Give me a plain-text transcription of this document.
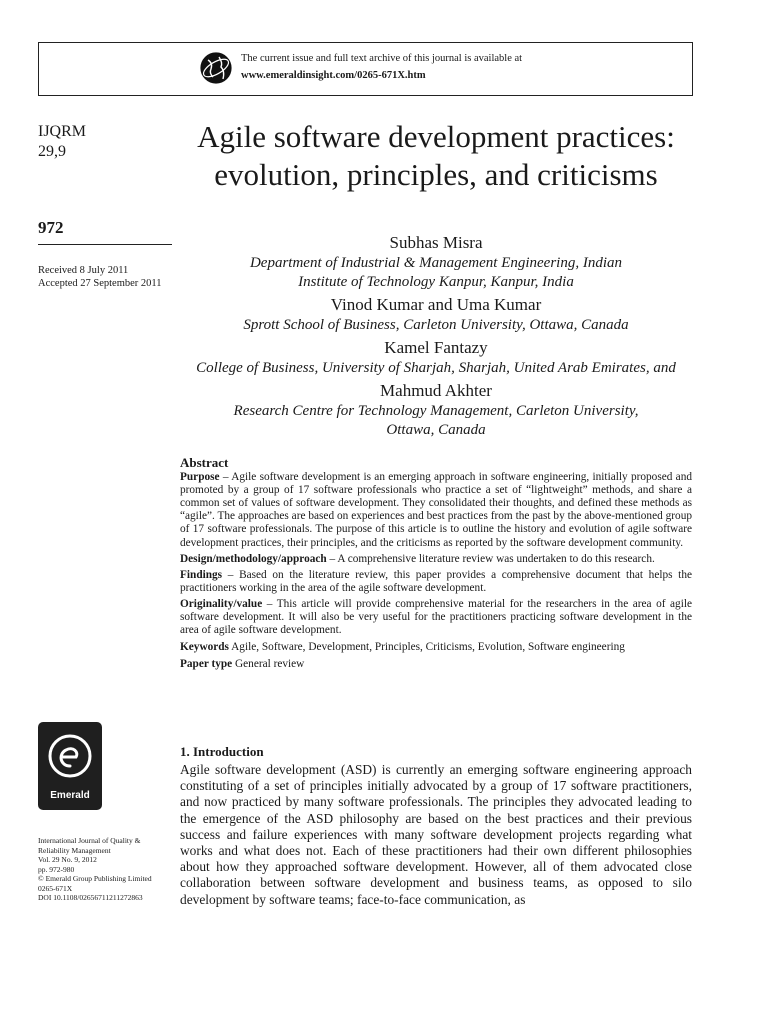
The current issue and full text archive of this journal is available at
www.emeraldinsight.com/0265-671X.htm
IJQRM
29,9
972
Received 8 July 2011
Accepted 27 September 2011
Agile software development practices: evolution, principles, and criticisms
Subhas Misra
Department of Industrial & Management Engineering, Indian Institute of Technology Kanpur, Kanpur, India
Vinod Kumar and Uma Kumar
Sprott School of Business, Carleton University, Ottawa, Canada
Kamel Fantazy
College of Business, University of Sharjah, Sharjah, United Arab Emirates, and
Mahmud Akhter
Research Centre for Technology Management, Carleton University, Ottawa, Canada
Abstract
Purpose – Agile software development is an emerging approach in software engineering, initially proposed and promoted by a group of 17 software professionals who practice a set of “lightweight” methods, and share a common set of values of software development. They consolidated their thoughts, and defined these methods as “agile”. The approaches are based on experiences and best practices from the past by the above-mentioned group of 17 software professionals. The purpose of this article is to outline the history and evolution of agile software development practices, their principles, and the criticisms as reported by the software development community.
Design/methodology/approach – A comprehensive literature review was undertaken to do this research.
Findings – Based on the literature review, this paper provides a comprehensive document that helps the practitioners working in the area of the agile software development.
Originality/value – This article will provide comprehensive material for the researchers in the area of agile software development. It will also be very useful for the practitioners practicing software development in the area of agile software development.
Keywords Agile, Software, Development, Principles, Criticisms, Evolution, Software engineering
Paper type General review
Emerald
International Journal of Quality &
Reliability Management
Vol. 29 No. 9, 2012
pp. 972-980
© Emerald Group Publishing Limited
0265-671X
DOI 10.1108/02656711211272863
1. Introduction
Agile software development (ASD) is currently an emerging software engineering approach constituting of a set of principles initially advocated by a group of 17 software practitioners, and now practiced by many software professionals. The principles they advocated leading to the emergence of the ASD philosophy are based on the best practices and their previous success and failure experiences with many software development projects regarding what works and what does not. Each of these practitioners had their own different philosophies about how they approached software development. However, all of them advocated close collaboration between software development and business teams, as opposed to silo development by software teams; face-to-face communication, as
